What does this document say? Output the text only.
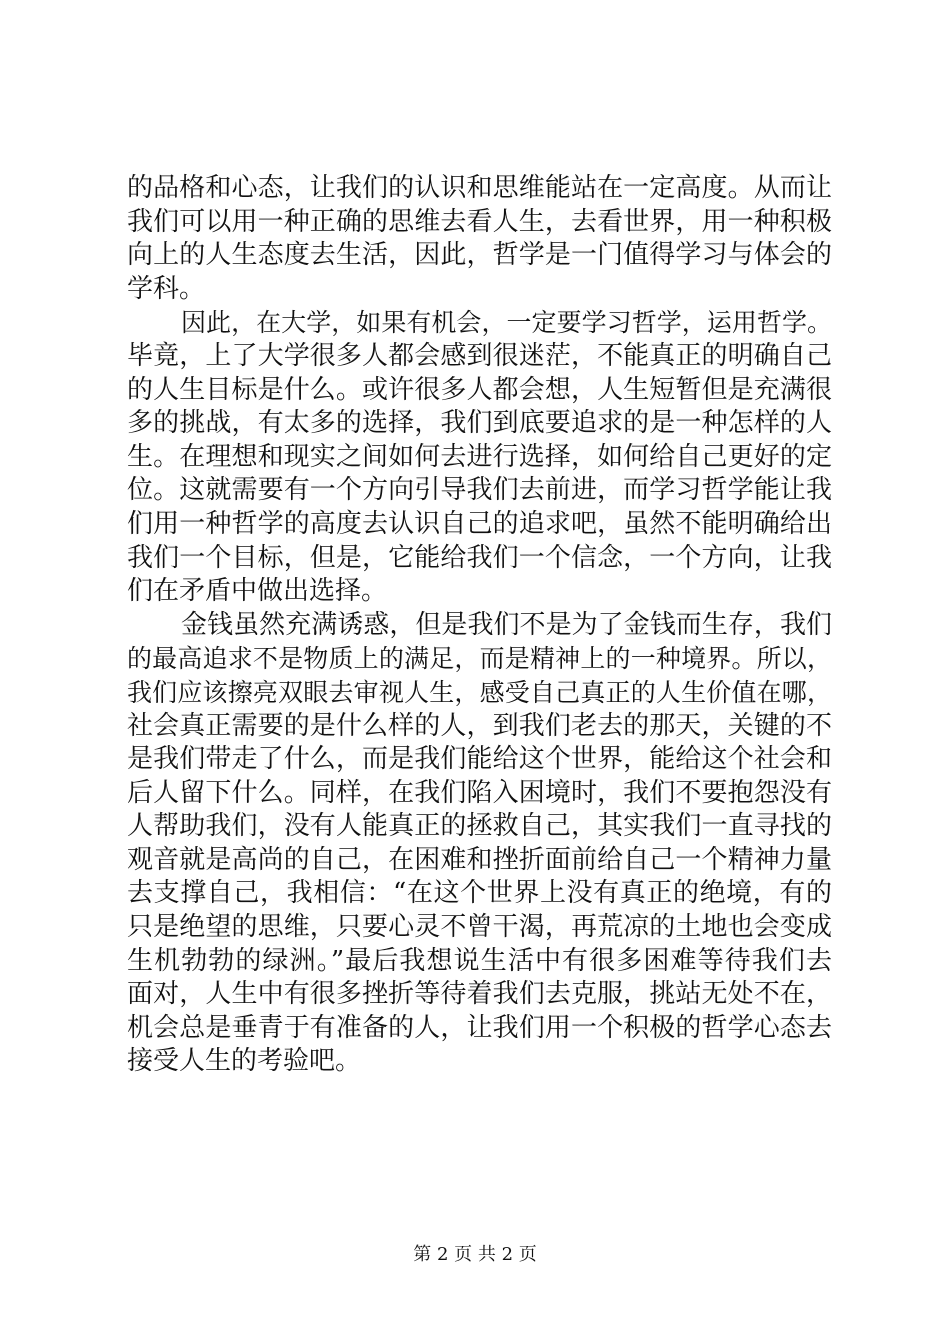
的品格和心态，让我们的认识和思维能站在一定高度。从而让
我们可以用一种正确的思维去看人生，去看世界，用一种积极
向上的人生态度去生活，因此，哲学是一门值得学习与体会的
学科。
因此，在大学，如果有机会，一定要学习哲学，运用哲学。
毕竟，上了大学很多人都会感到很迷茫，不能真正的明确自己
的人生目标是什么。或许很多人都会想，人生短暂但是充满很
多的挑战，有太多的选择，我们到底要追求的是一种怎样的人
生。在理想和现实之间如何去进行选择，如何给自己更好的定
位。这就需要有一个方向引导我们去前进，而学习哲学能让我
们用一种哲学的高度去认识自己的追求吧，虽然不能明确给出
我们一个目标，但是，它能给我们一个信念，一个方向，让我
们在矛盾中做出选择。
金钱虽然充满诱惑，但是我们不是为了金钱而生存，我们
的最高追求不是物质上的满足，而是精神上的一种境界。所以，
我们应该擦亮双眼去审视人生，感受自己真正的人生价值在哪，
社会真正需要的是什么样的人，到我们老去的那天，关键的不
是我们带走了什么，而是我们能给这个世界，能给这个社会和
后人留下什么。同样，在我们陷入困境时，我们不要抱怨没有
人帮助我们，没有人能真正的拯救自己，其实我们一直寻找的
观音就是高尚的自己，在困难和挫折面前给自己一个精神力量
去支撑自己，我相信：“在这个世界上没有真正的绝境，有的
只是绝望的思维，只要心灵不曾干渴，再荒凉的土地也会变成
生机勃勃的绿洲。”最后我想说生活中有很多困难等待我们去
面对，人生中有很多挫折等待着我们去克服，挑站无处不在，
机会总是垂青于有准备的人，让我们用一个积极的哲学心态去
接受人生的考验吧。
第 2 页 共 2 页
